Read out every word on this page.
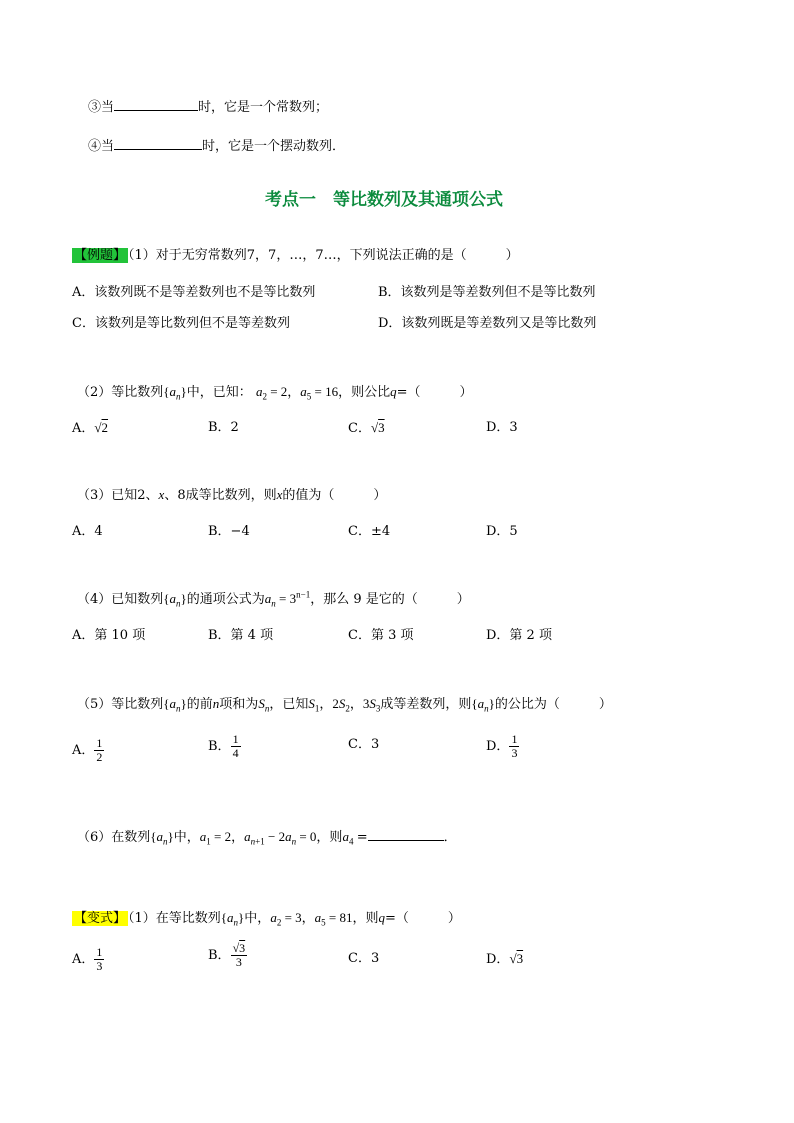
③当	时，它是一个常数列；
④当	时，它是一个摆动数列．
考点一　等比数列及其通项公式
【例题】 （1）对于无穷常数列7，7，…，7…，下列说法正确的是（　　　）
A．该数列既不是等差数列也不是等比数列	B．该数列是等差数列但不是等比数列
C．该数列是等比数列但不是等差数列	D．该数列既是等差数列又是等比数列
（2）等比数列$\{a_n\}$中，已知： $a_2 = 2$，$a_5 = 16$，则公比q=（　　　）
A．√2	B．2	C．√3	D．3
（3）已知2、x、8成等比数列，则x的值为（　　　）
A．4	B．−4	C．±4	D．5
（4）已知数列$\{a_n\}$的通项公式为$a_n = 3^{n-1}$，那么 9 是它的（　　　）
A．第 10 项	B．第 4 项	C．第 3 项	D．第 2 项
（5）等比数列$\{a_n\}$的前n项和为$S_n$，已知$S_1$，$2S_2$，$3S_3$成等差数列，则$\{a_n\}$的公比为（　　　）
A． $\frac{1}{2}$	B． $\frac{1}{4}$	C．3	D． $\frac{1}{3}$
（6）在数列$\{a_n\}$中，$a_1 = 2$，$a_{n+1} - 2a_n = 0$，则$a_4$ =	．
【变式】 （1）在等比数列$\{a_n\}$中，$a_2 = 3$，$a_5 = 81$，则q=（　　　）
A． $\frac{1}{3}$	B． $\frac{√3}{3}$	C．3	D．√3
